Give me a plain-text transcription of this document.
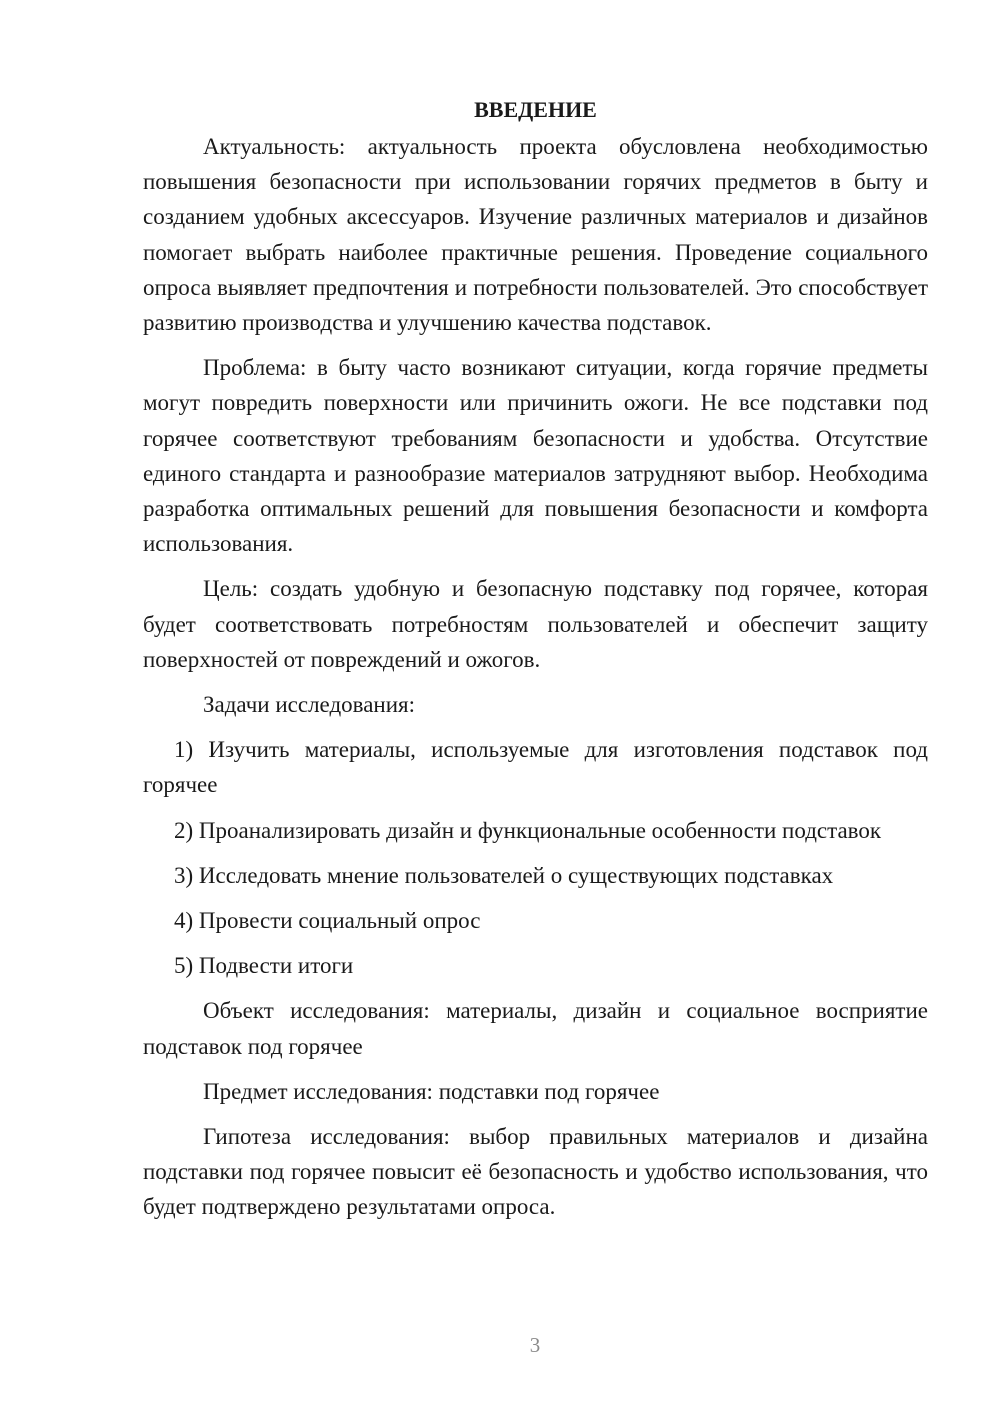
ВВЕДЕНИЕ

Актуальность: актуальность проекта обусловлена необходимостью повышения безопасности при использовании горячих предметов в быту и созданием удобных аксессуаров. Изучение различных материалов и дизайнов помогает выбрать наиболее практичные решения. Проведение социального опроса выявляет предпочтения и потребности пользователей. Это способствует развитию производства и улучшению качества подставок.

Проблема: в быту часто возникают ситуации, когда горячие предметы могут повредить поверхности или причинить ожоги. Не все подставки под горячее соответствуют требованиям безопасности и удобства. Отсутствие единого стандарта и разнообразие материалов затрудняют выбор. Необходима разработка оптимальных решений для повышения безопасности и комфорта использования.

Цель: создать удобную и безопасную подставку под горячее, которая будет соответствовать потребностям пользователей и обеспечит защиту поверхностей от повреждений и ожогов.

Задачи исследования:

1) Изучить материалы, используемые для изготовления подставок под горячее

2) Проанализировать дизайн и функциональные особенности подставок

3) Исследовать мнение пользователей о существующих подставках

4) Провести социальный опрос

5) Подвести итоги

Объект исследования: материалы, дизайн и социальное восприятие подставок под горячее

Предмет исследования: подставки под горячее

Гипотеза исследования: выбор правильных материалов и дизайна подставки под горячее повысит её безопасность и удобство использования, что будет подтверждено результатами опроса.

3
